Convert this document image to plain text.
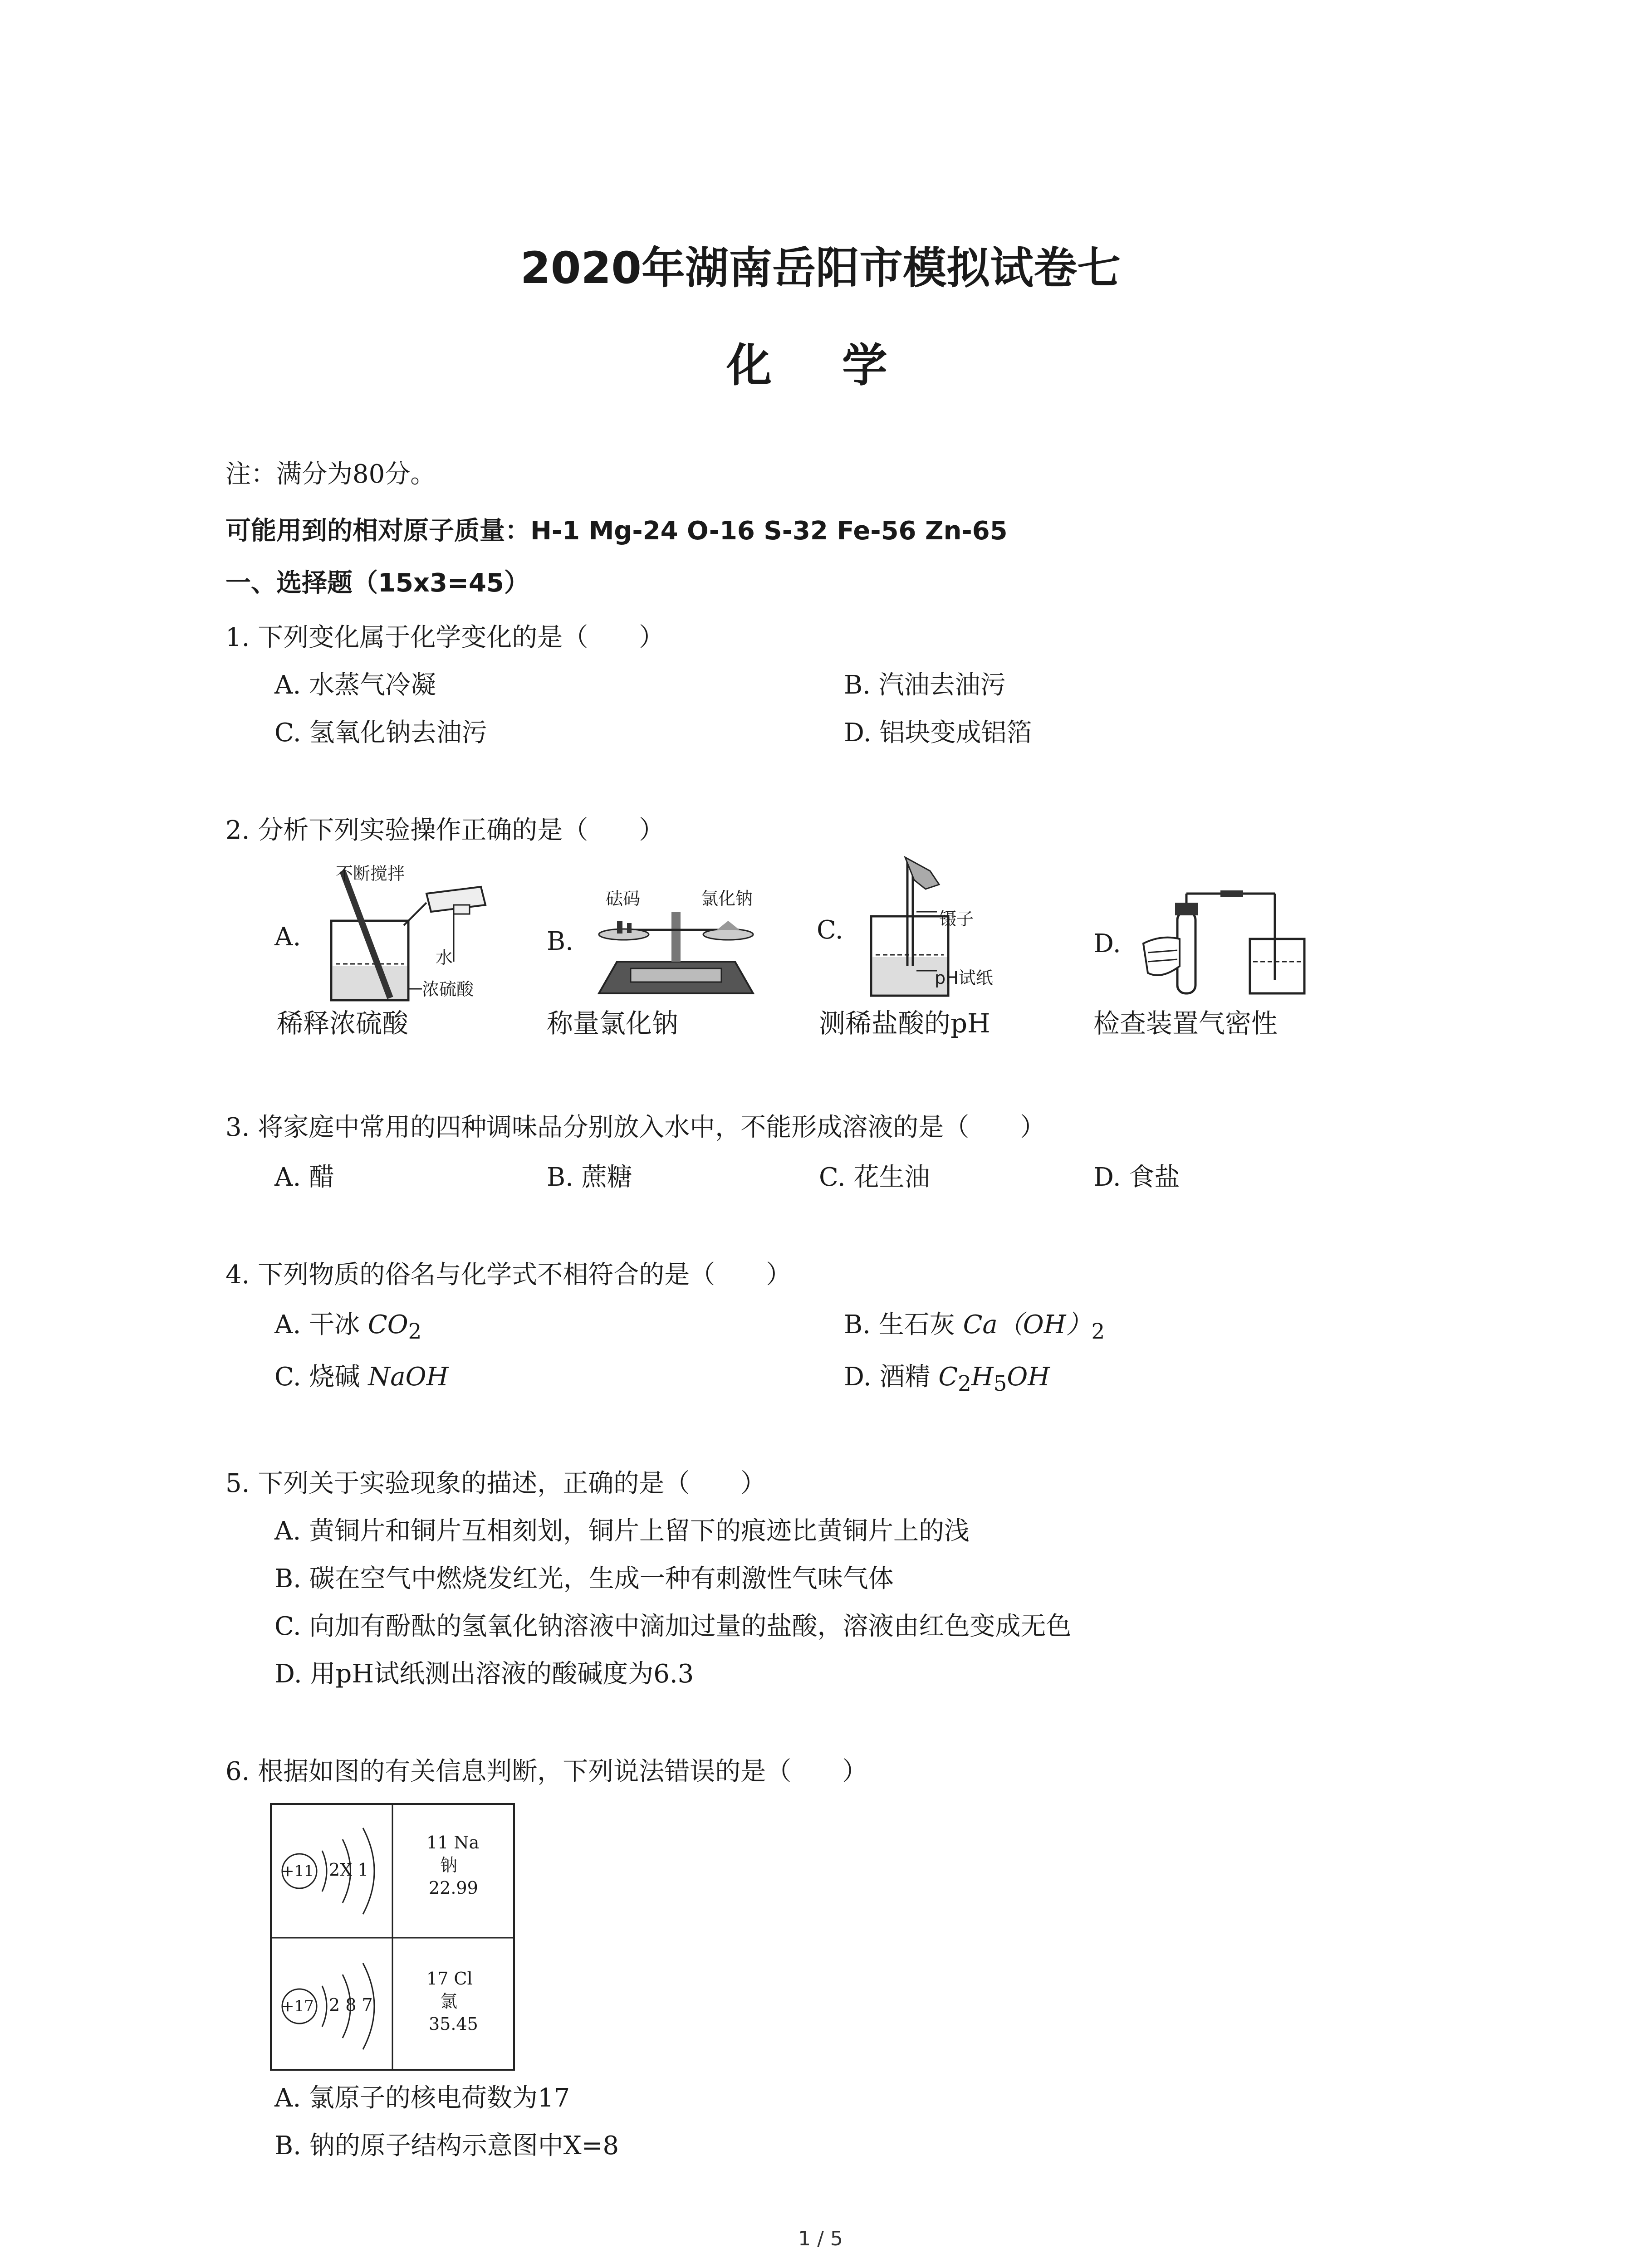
2020年湖南岳阳市模拟试卷七
化 学
注：满分为80分。
可能用到的相对原子质量：H-1 Mg-24 O-16 S-32 Fe-56 Zn-65
一、选择题（15x3=45）
1. 下列变化属于化学变化的是（　　）
A. 水蒸气冷凝	B. 汽油去油污
C. 氢氧化钠去油污	D. 铝块变成铝箔
2. 分析下列实验操作正确的是（　　）
A.
不断搅拌
水
浓硫酸
稀释浓硫酸
B.
砝码	氯化钠
称量氯化钠
C.	镊子
pH试纸
测稀盐酸的pH
D.
检查装置气密性
3. 将家庭中常用的四种调味品分别放入水中，不能形成溶液的是（　　）
A. 醋	B. 蔗糖	C. 花生油	D. 食盐
4. 下列物质的俗名与化学式不相符合的是（　　）
A. 干冰 $CO_2$	B. 生石灰 $Ca(OH)_2$
C. 烧碱 NaOH	D. 酒精 $C_2H_5OH$
5. 下列关于实验现象的描述，正确的是（　　）
A. 黄铜片和铜片互相刻划，铜片上留下的痕迹比黄铜片上的浅
B. 碳在空气中燃烧发红光，生成一种有刺激性气味气体
C. 向加有酚酞的氢氧化钠溶液中滴加过量的盐酸，溶液由红色变成无色
D. 用pH试纸测出溶液的酸碱度为6.3
6. 根据如图的有关信息判断，下列说法错误的是（　　）
+11 2X 1
11 Na
钠
22.99
+17 2 8 7
17 Cl
氯
35.45
A. 氯原子的核电荷数为17
B. 钠的原子结构示意图中X=8
1 / 5
